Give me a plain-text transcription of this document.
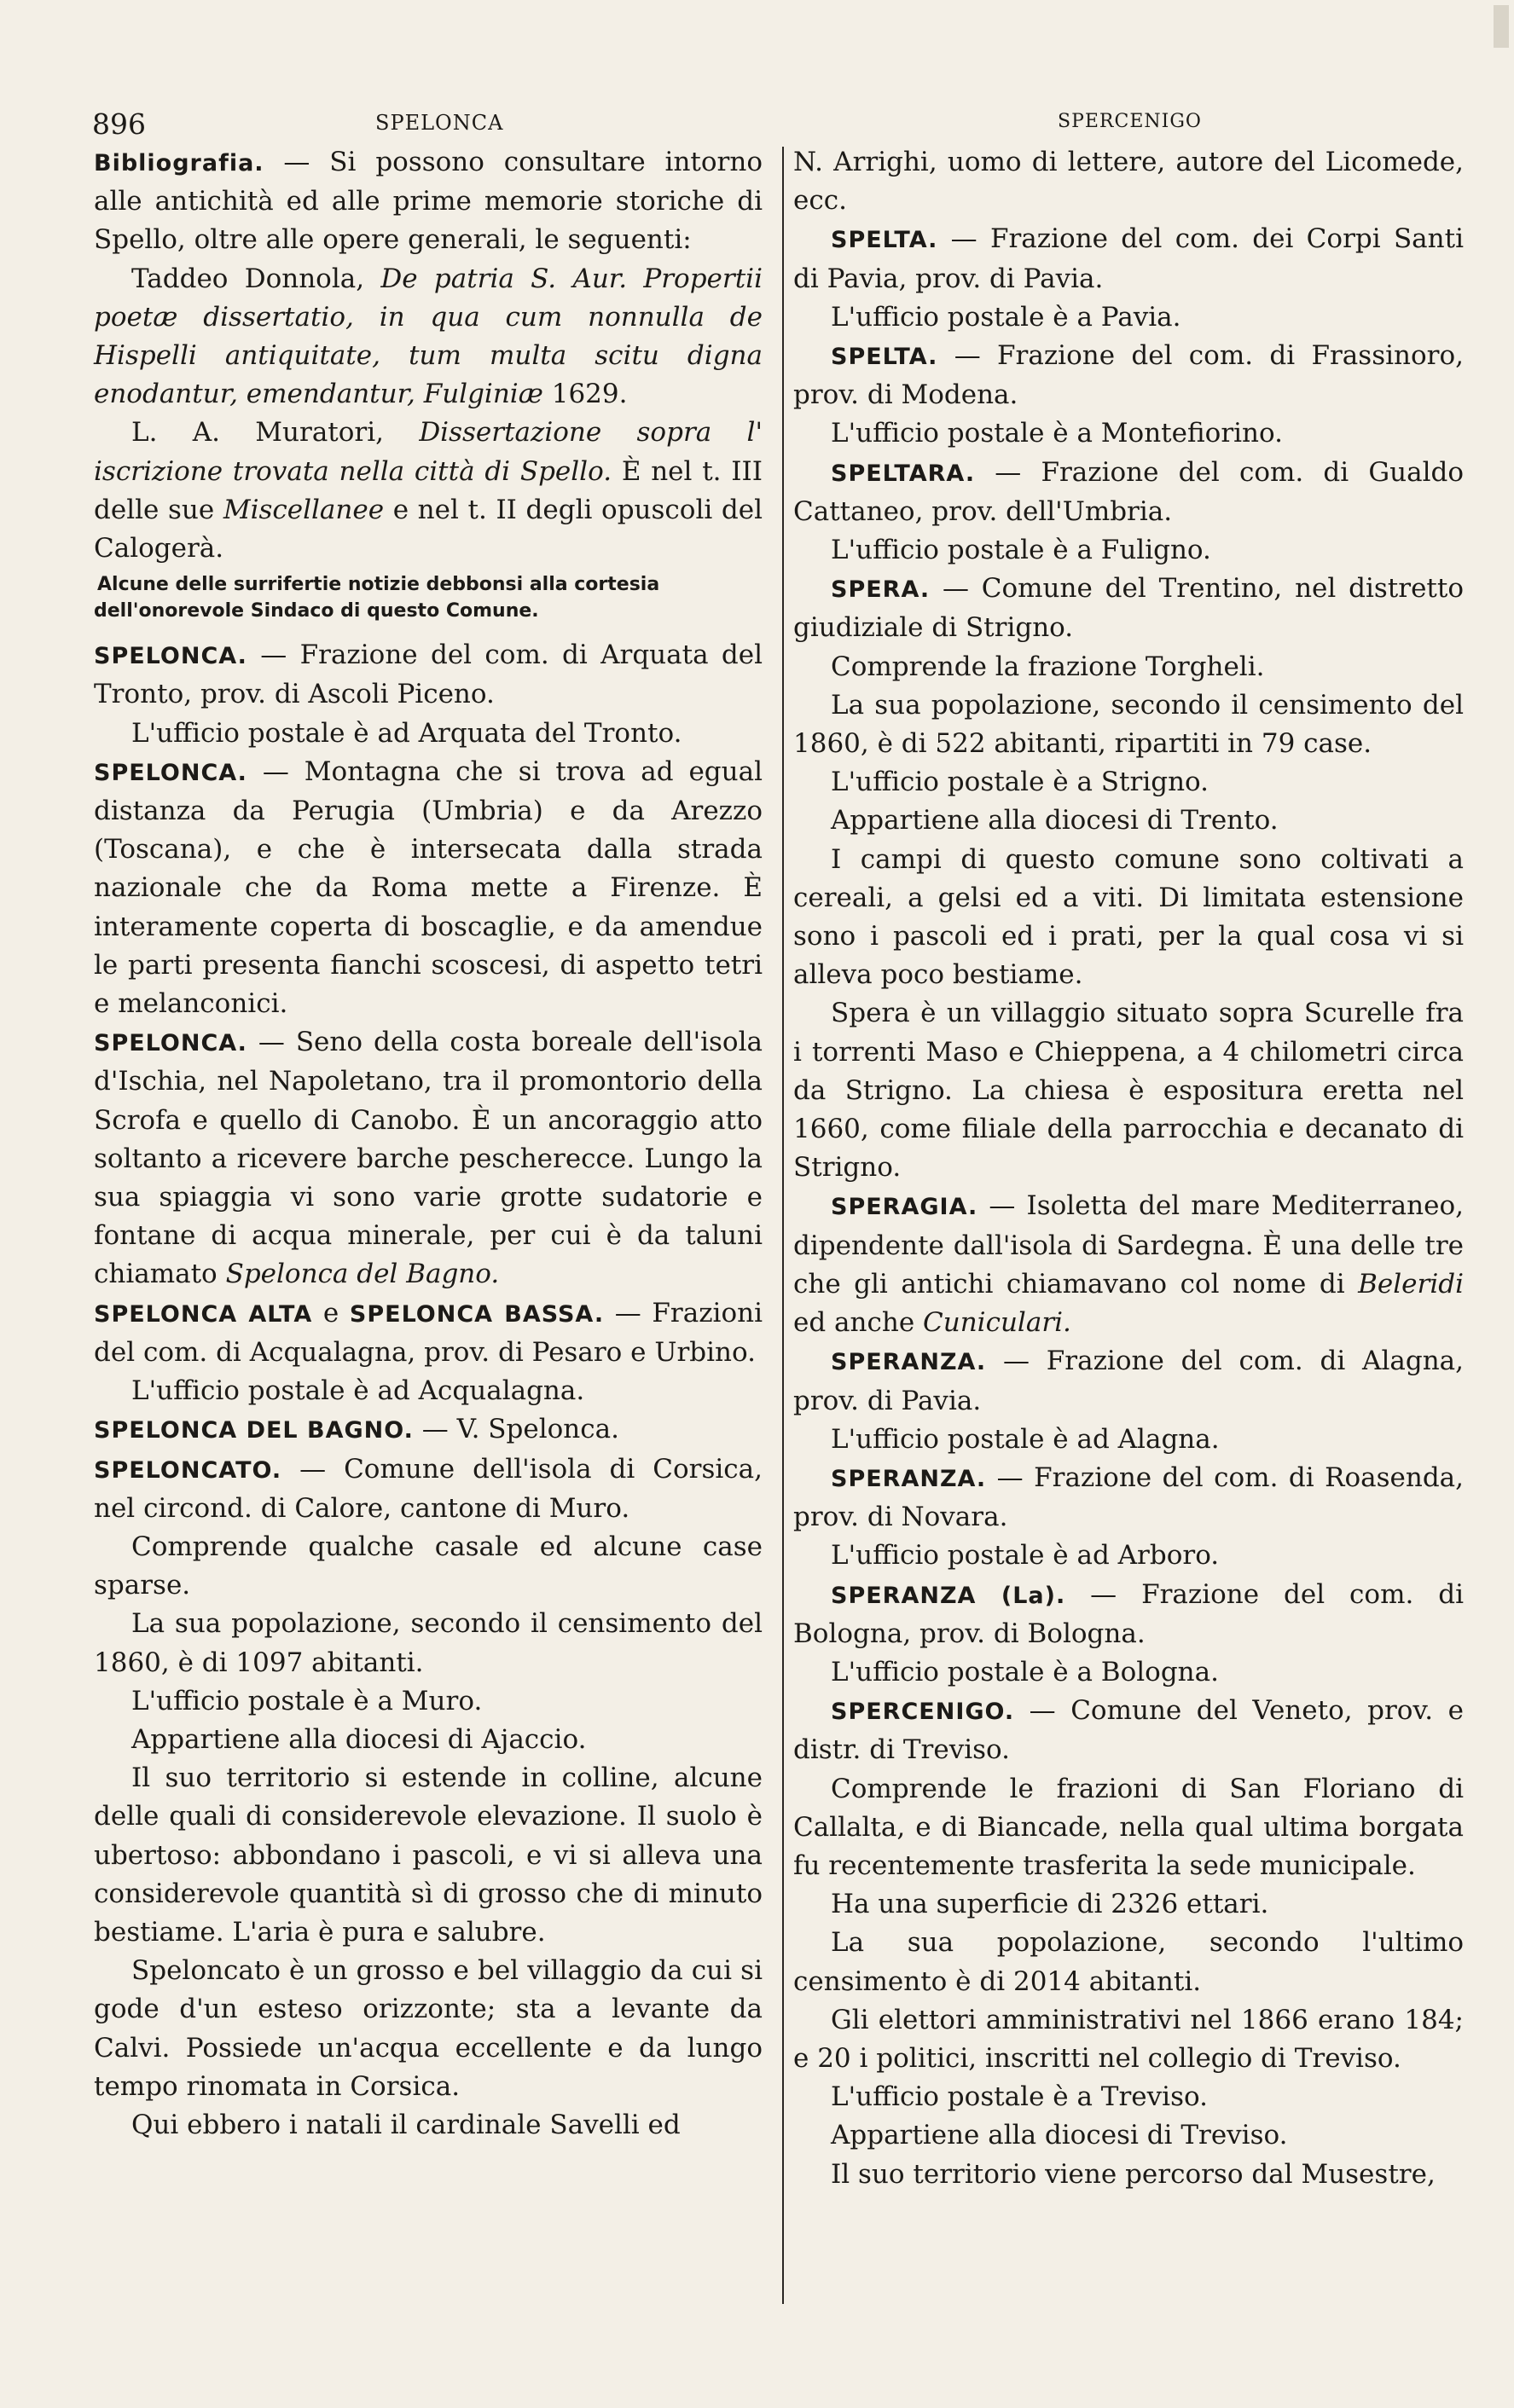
896	SPELONCA	SPERCENIGO

Bibliografia. — Si possono consultare intorno alle antichità ed alle prime memorie storiche di Spello, oltre alle opere generali, le seguenti:

Taddeo Donnola, De patria S. Aur. Propertii poetæ dissertatio, in qua cum nonnulla de Hispelli antiquitate, tum multa scitu digna enodantur, emendantur, Fulginiæ 1629.

L. A. Muratori, Dissertazione sopra l' iscrizione trovata nella città di Spello. È nel t. III delle sue Miscellanee e nel t. II degli opuscoli del Calogerà.

Alcune delle surrifertie notizie debbonsi alla cortesia dell'onorevole Sindaco di questo Comune.

SPELONCA. — Frazione del com. di Arquata del Tronto, prov. di Ascoli Piceno.

L'ufficio postale è ad Arquata del Tronto.

SPELONCA. — Montagna che si trova ad egual distanza da Perugia (Umbria) e da Arezzo (Toscana), e che è intersecata dalla strada nazionale che da Roma mette a Firenze. È interamente coperta di boscaglie, e da amendue le parti presenta fianchi scoscesi, di aspetto tetri e melanconici.

SPELONCA. — Seno della costa boreale dell'isola d'Ischia, nel Napoletano, tra il promontorio della Scrofa e quello di Canobo. È un ancoraggio atto soltanto a ricevere barche pescherecce. Lungo la sua spiaggia vi sono varie grotte sudatorie e fontane di acqua minerale, per cui è da taluni chiamato Spelonca del Bagno.

SPELONCA ALTA e SPELONCA BASSA. — Frazioni del com. di Acqualagna, prov. di Pesaro e Urbino.

L'ufficio postale è ad Acqualagna.

SPELONCA DEL BAGNO. — V. Spelonca.

SPELONCATO. — Comune dell'isola di Corsica, nel circond. di Calore, cantone di Muro.

Comprende qualche casale ed alcune case sparse.

La sua popolazione, secondo il censimento del 1860, è di 1097 abitanti.

L'ufficio postale è a Muro.

Appartiene alla diocesi di Ajaccio.

Il suo territorio si estende in colline, alcune delle quali di considerevole elevazione. Il suolo è ubertoso: abbondano i pascoli, e vi si alleva una considerevole quantità sì di grosso che di minuto bestiame. L'aria è pura e salubre.

Speloncato è un grosso e bel villaggio da cui si gode d'un esteso orizzonte; sta a levante da Calvi. Possiede un'acqua eccellente e da lungo tempo rinomata in Corsica.

Qui ebbero i natali il cardinale Savelli ed

N. Arrighi, uomo di lettere, autore del Licomede, ecc.

SPELTA. — Frazione del com. dei Corpi Santi di Pavia, prov. di Pavia.

L'ufficio postale è a Pavia.

SPELTA. — Frazione del com. di Frassinoro, prov. di Modena.

L'ufficio postale è a Montefiorino.

SPELTARA. — Frazione del com. di Gualdo Cattaneo, prov. dell'Umbria.

L'ufficio postale è a Fuligno.

SPERA. — Comune del Trentino, nel distretto giudiziale di Strigno.

Comprende la frazione Torgheli.

La sua popolazione, secondo il censimento del 1860, è di 522 abitanti, ripartiti in 79 case.

L'ufficio postale è a Strigno.

Appartiene alla diocesi di Trento.

I campi di questo comune sono coltivati a cereali, a gelsi ed a viti. Di limitata estensione sono i pascoli ed i prati, per la qual cosa vi si alleva poco bestiame.

Spera è un villaggio situato sopra Scurelle fra i torrenti Maso e Chieppena, a 4 chilometri circa da Strigno. La chiesa è espositura eretta nel 1660, come filiale della parrocchia e decanato di Strigno.

SPERAGIA. — Isoletta del mare Mediterraneo, dipendente dall'isola di Sardegna. È una delle tre che gli antichi chiamavano col nome di Beleridi ed anche Cuniculari.

SPERANZA. — Frazione del com. di Alagna, prov. di Pavia.

L'ufficio postale è ad Alagna.

SPERANZA. — Frazione del com. di Roasenda, prov. di Novara.

L'ufficio postale è ad Arboro.

SPERANZA (La). — Frazione del com. di Bologna, prov. di Bologna.

L'ufficio postale è a Bologna.

SPERCENIGO. — Comune del Veneto, prov. e distr. di Treviso.

Comprende le frazioni di San Floriano di Callalta, e di Biancade, nella qual ultima borgata fu recentemente trasferita la sede municipale.

Ha una superficie di 2326 ettari.

La sua popolazione, secondo l'ultimo censimento è di 2014 abitanti.

Gli elettori amministrativi nel 1866 erano 184; e 20 i politici, inscritti nel collegio di Treviso.

L'ufficio postale è a Treviso.

Appartiene alla diocesi di Treviso.

Il suo territorio viene percorso dal Musestre,
